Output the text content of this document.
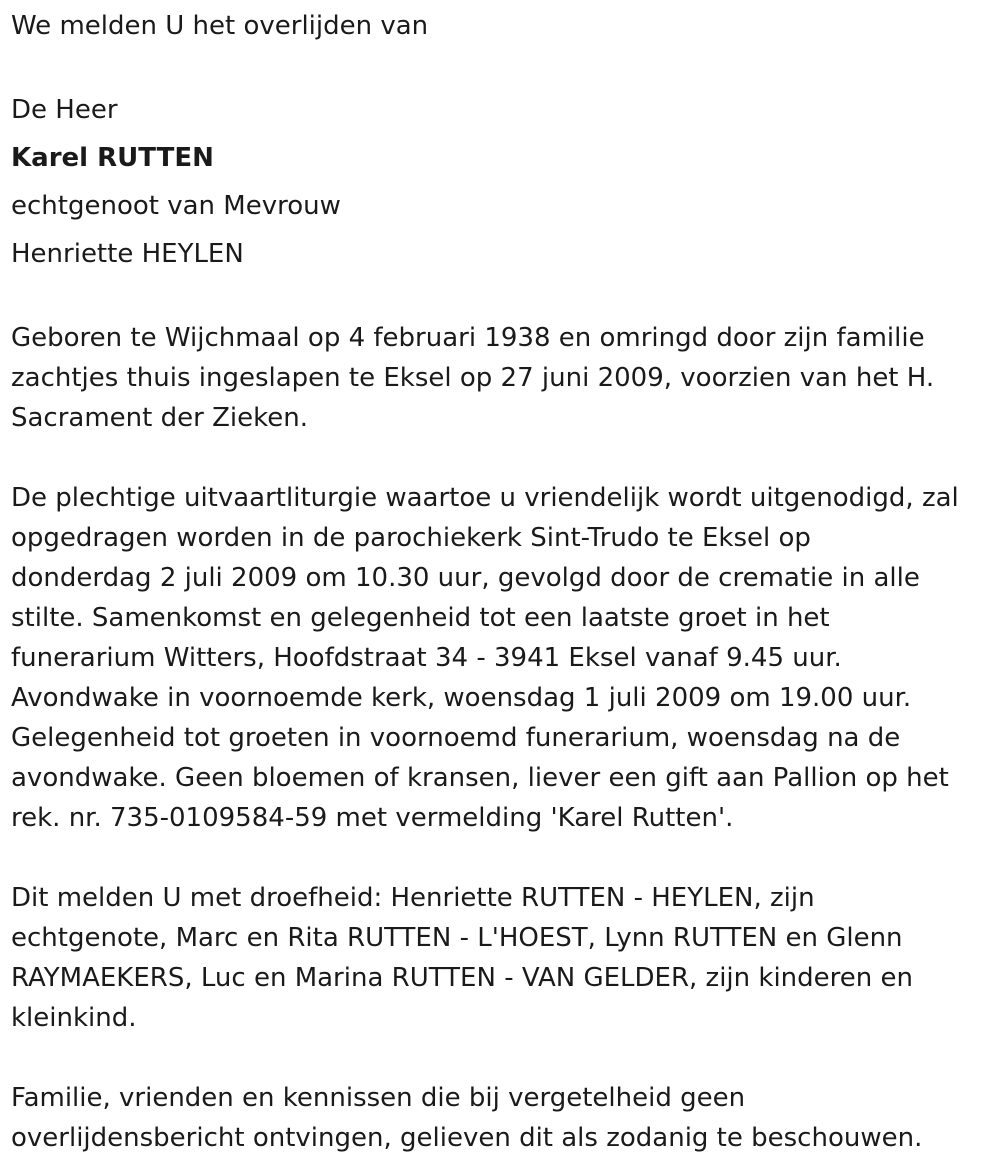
We melden U het overlijden van
De Heer
Karel RUTTEN
echtgenoot van Mevrouw
Henriette HEYLEN
Geboren te Wijchmaal op 4 februari 1938 en omringd door zijn familie
zachtjes thuis ingeslapen te Eksel op 27 juni 2009, voorzien van het H.
Sacrament der Zieken.
De plechtige uitvaartliturgie waartoe u vriendelijk wordt uitgenodigd, zal
opgedragen worden in de parochiekerk Sint-Trudo te Eksel op
donderdag 2 juli 2009 om 10.30 uur, gevolgd door de crematie in alle
stilte. Samenkomst en gelegenheid tot een laatste groet in het
funerarium Witters, Hoofdstraat 34 - 3941 Eksel vanaf 9.45 uur.
Avondwake in voornoemde kerk, woensdag 1 juli 2009 om 19.00 uur.
Gelegenheid tot groeten in voornoemd funerarium, woensdag na de
avondwake. Geen bloemen of kransen, liever een gift aan Pallion op het
rek. nr. 735-0109584-59 met vermelding 'Karel Rutten'.
Dit melden U met droefheid: Henriette RUTTEN - HEYLEN, zijn
echtgenote, Marc en Rita RUTTEN - L'HOEST, Lynn RUTTEN en Glenn
RAYMAEKERS, Luc en Marina RUTTEN - VAN GELDER, zijn kinderen en
kleinkind.
Familie, vrienden en kennissen die bij vergetelheid geen
overlijdensbericht ontvingen, gelieven dit als zodanig te beschouwen.
